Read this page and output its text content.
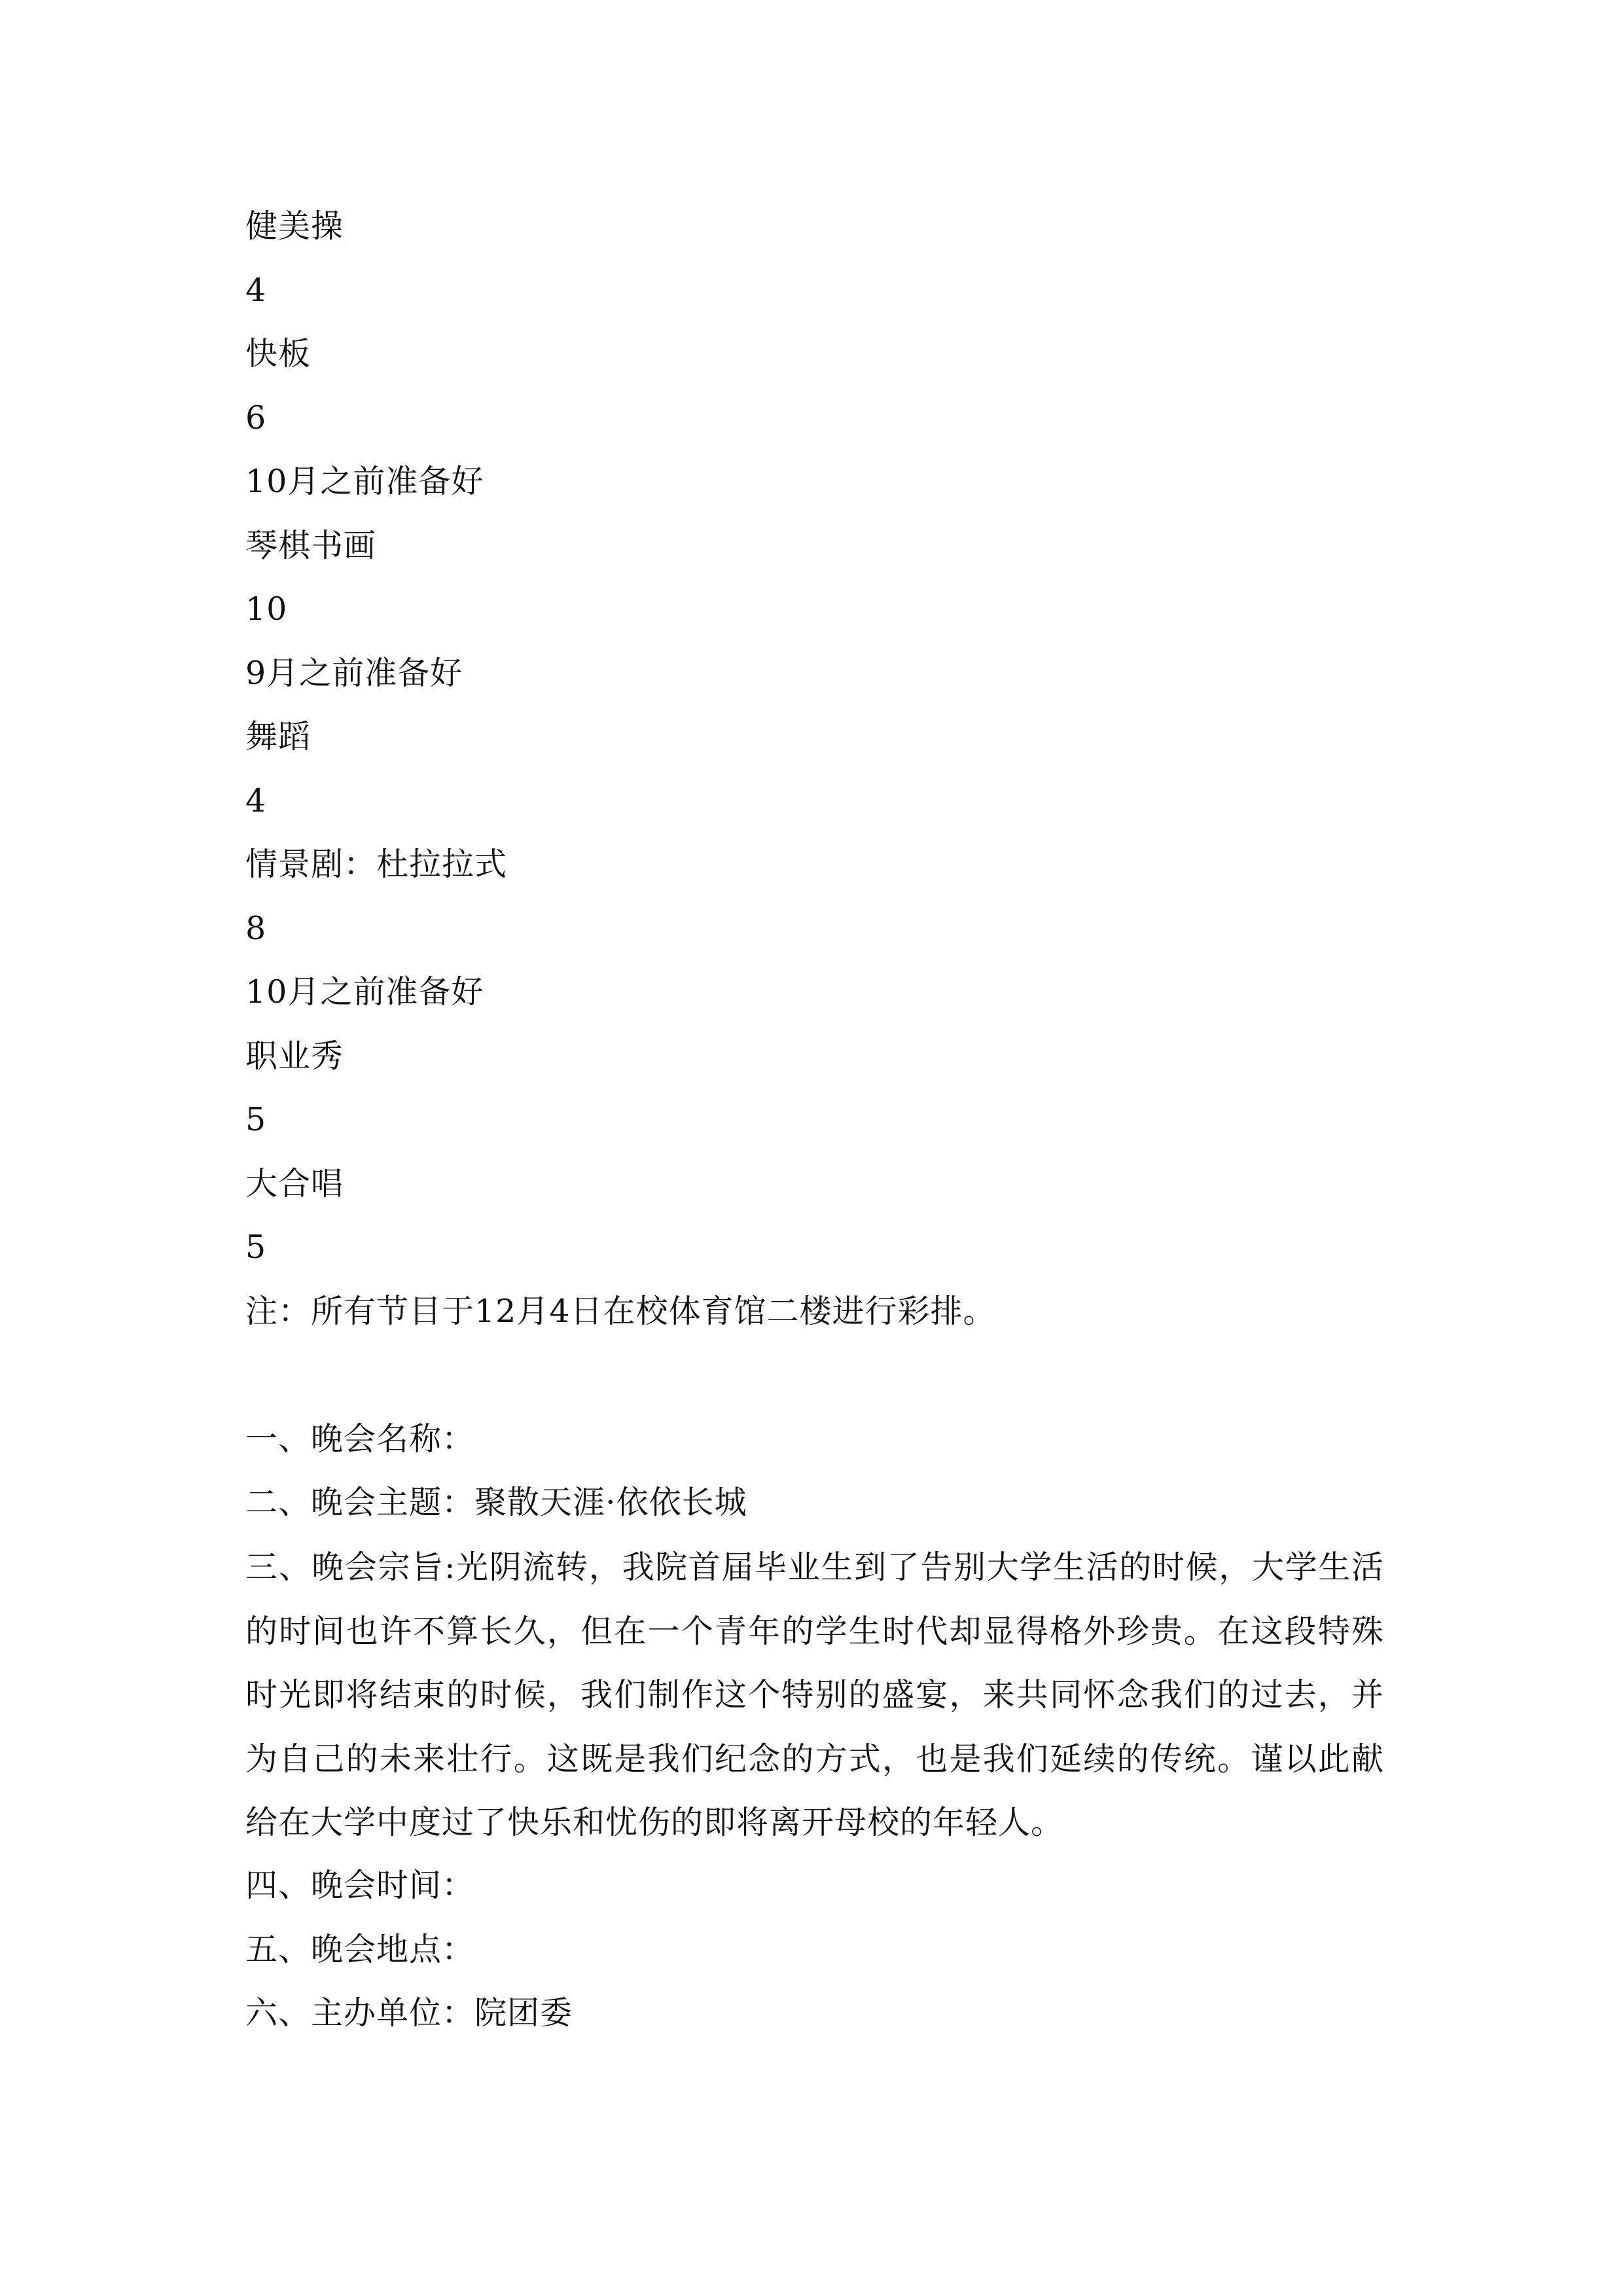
健美操
4
快板
6
10月之前准备好
琴棋书画
10
9月之前准备好
舞蹈
4
情景剧：杜拉拉式
8
10月之前准备好
职业秀
5
大合唱
5
注：所有节目于12月4日在校体育馆二楼进行彩排。
一、晚会名称：
二、晚会主题：聚散天涯·依依长城
三、晚会宗旨:光阴流转，我院首届毕业生到了告别大学生活的时候，大学生活的时间也许不算长久，但在一个青年的学生时代却显得格外珍贵。在这段特殊时光即将结束的时候，我们制作这个特别的盛宴，来共同怀念我们的过去，并为自己的未来壮行。这既是我们纪念的方式，也是我们延续的传统。谨以此献给在大学中度过了快乐和忧伤的即将离开母校的年轻人。
四、晚会时间：
五、晚会地点：
六、主办单位：院团委
